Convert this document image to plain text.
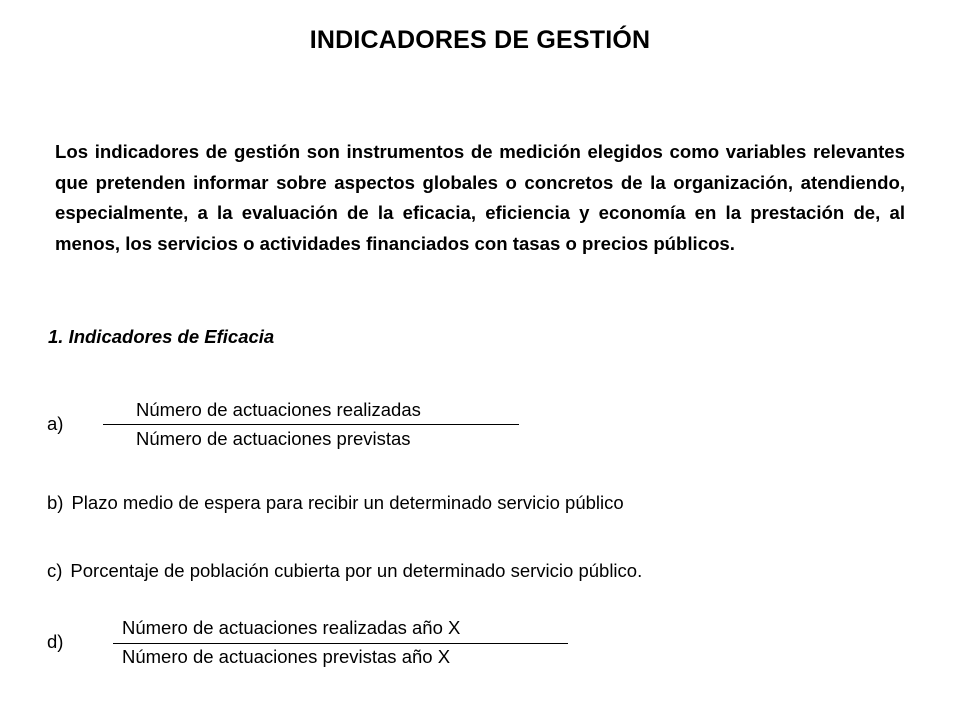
INDICADORES DE GESTIÓN
Los indicadores de gestión son instrumentos de medición elegidos como variables relevantes que pretenden informar sobre aspectos globales o concretos de la organización, atendiendo, especialmente, a la evaluación de la eficacia, eficiencia y economía en la prestación de, al menos, los servicios o actividades financiados con tasas o precios públicos.
1. Indicadores de Eficacia
a)
Número de actuaciones realizadas
Número de actuaciones previstas
b) Plazo medio de espera para recibir un determinado servicio público
c) Porcentaje de población cubierta por un determinado servicio público.
d)
Número de actuaciones realizadas año X
Número de actuaciones previstas año X
